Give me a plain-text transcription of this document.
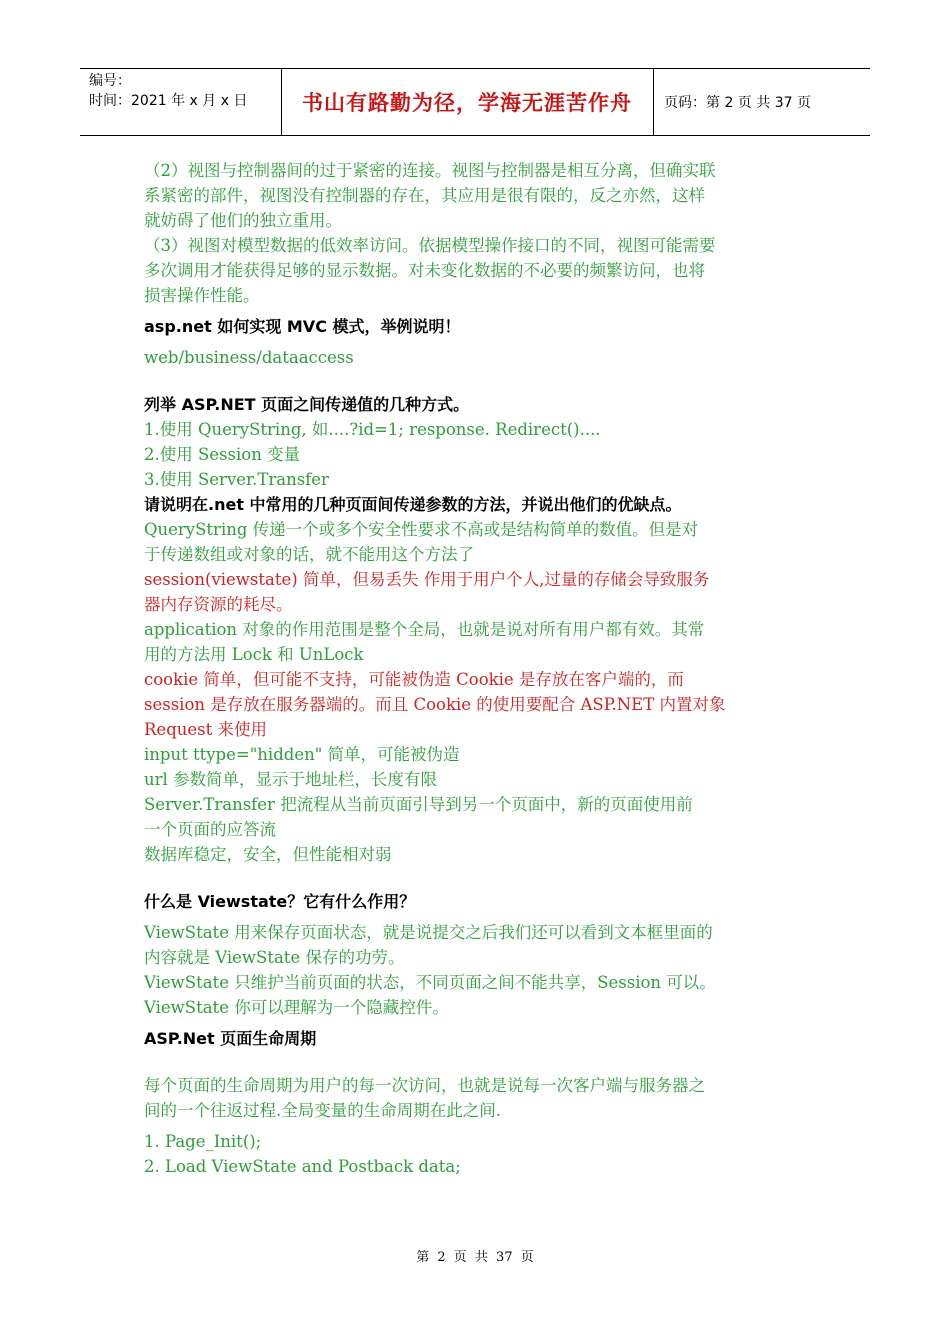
编号：
时间：2021 年 x 月 x 日	书山有路勤为径，学海无涯苦作舟	页码：第 2 页 共 37 页
（2）视图与控制器间的过于紧密的连接。视图与控制器是相互分离，但确实联
系紧密的部件，视图没有控制器的存在，其应用是很有限的，反之亦然，这样
就妨碍了他们的独立重用。
（3）视图对模型数据的低效率访问。依据模型操作接口的不同，视图可能需要
多次调用才能获得足够的显示数据。对未变化数据的不必要的频繁访问，也将
损害操作性能。
asp.net 如何实现 MVC 模式，举例说明！
web/business/dataaccess
列举 ASP.NET 页面之间传递值的几种方式。
1.使用 QueryString, 如....?id=1; response. Redirect()....
2.使用 Session 变量
3.使用 Server.Transfer
请说明在.net 中常用的几种页面间传递参数的方法，并说出他们的优缺点。
QueryString 传递一个或多个安全性要求不高或是结构简单的数值。但是对
于传递数组或对象的话，就不能用这个方法了
session(viewstate) 简单，但易丢失 作用于用户个人,过量的存储会导致服务
器内存资源的耗尽。
application 对象的作用范围是整个全局，也就是说对所有用户都有效。其常
用的方法用 Lock 和 UnLock
cookie 简单，但可能不支持，可能被伪造 Cookie 是存放在客户端的，而
session 是存放在服务器端的。而且 Cookie 的使用要配合 ASP.NET 内置对象
Request 来使用
input ttype="hidden" 简单，可能被伪造
url 参数简单，显示于地址栏，长度有限
Server.Transfer 把流程从当前页面引导到另一个页面中，新的页面使用前
一个页面的应答流
数据库稳定，安全，但性能相对弱
什么是 Viewstate？它有什么作用？
ViewState 用来保存页面状态，就是说提交之后我们还可以看到文本框里面的
内容就是 ViewState 保存的功劳。
ViewState 只维护当前页面的状态，不同页面之间不能共享，Session 可以。
ViewState 你可以理解为一个隐藏控件。
ASP.Net 页面生命周期
每个页面的生命周期为用户的每一次访问，也就是说每一次客户端与服务器之
间的一个往返过程.全局变量的生命周期在此之间.
1. Page_Init();
2. Load ViewState and Postback data;
第 2 页 共 37 页
